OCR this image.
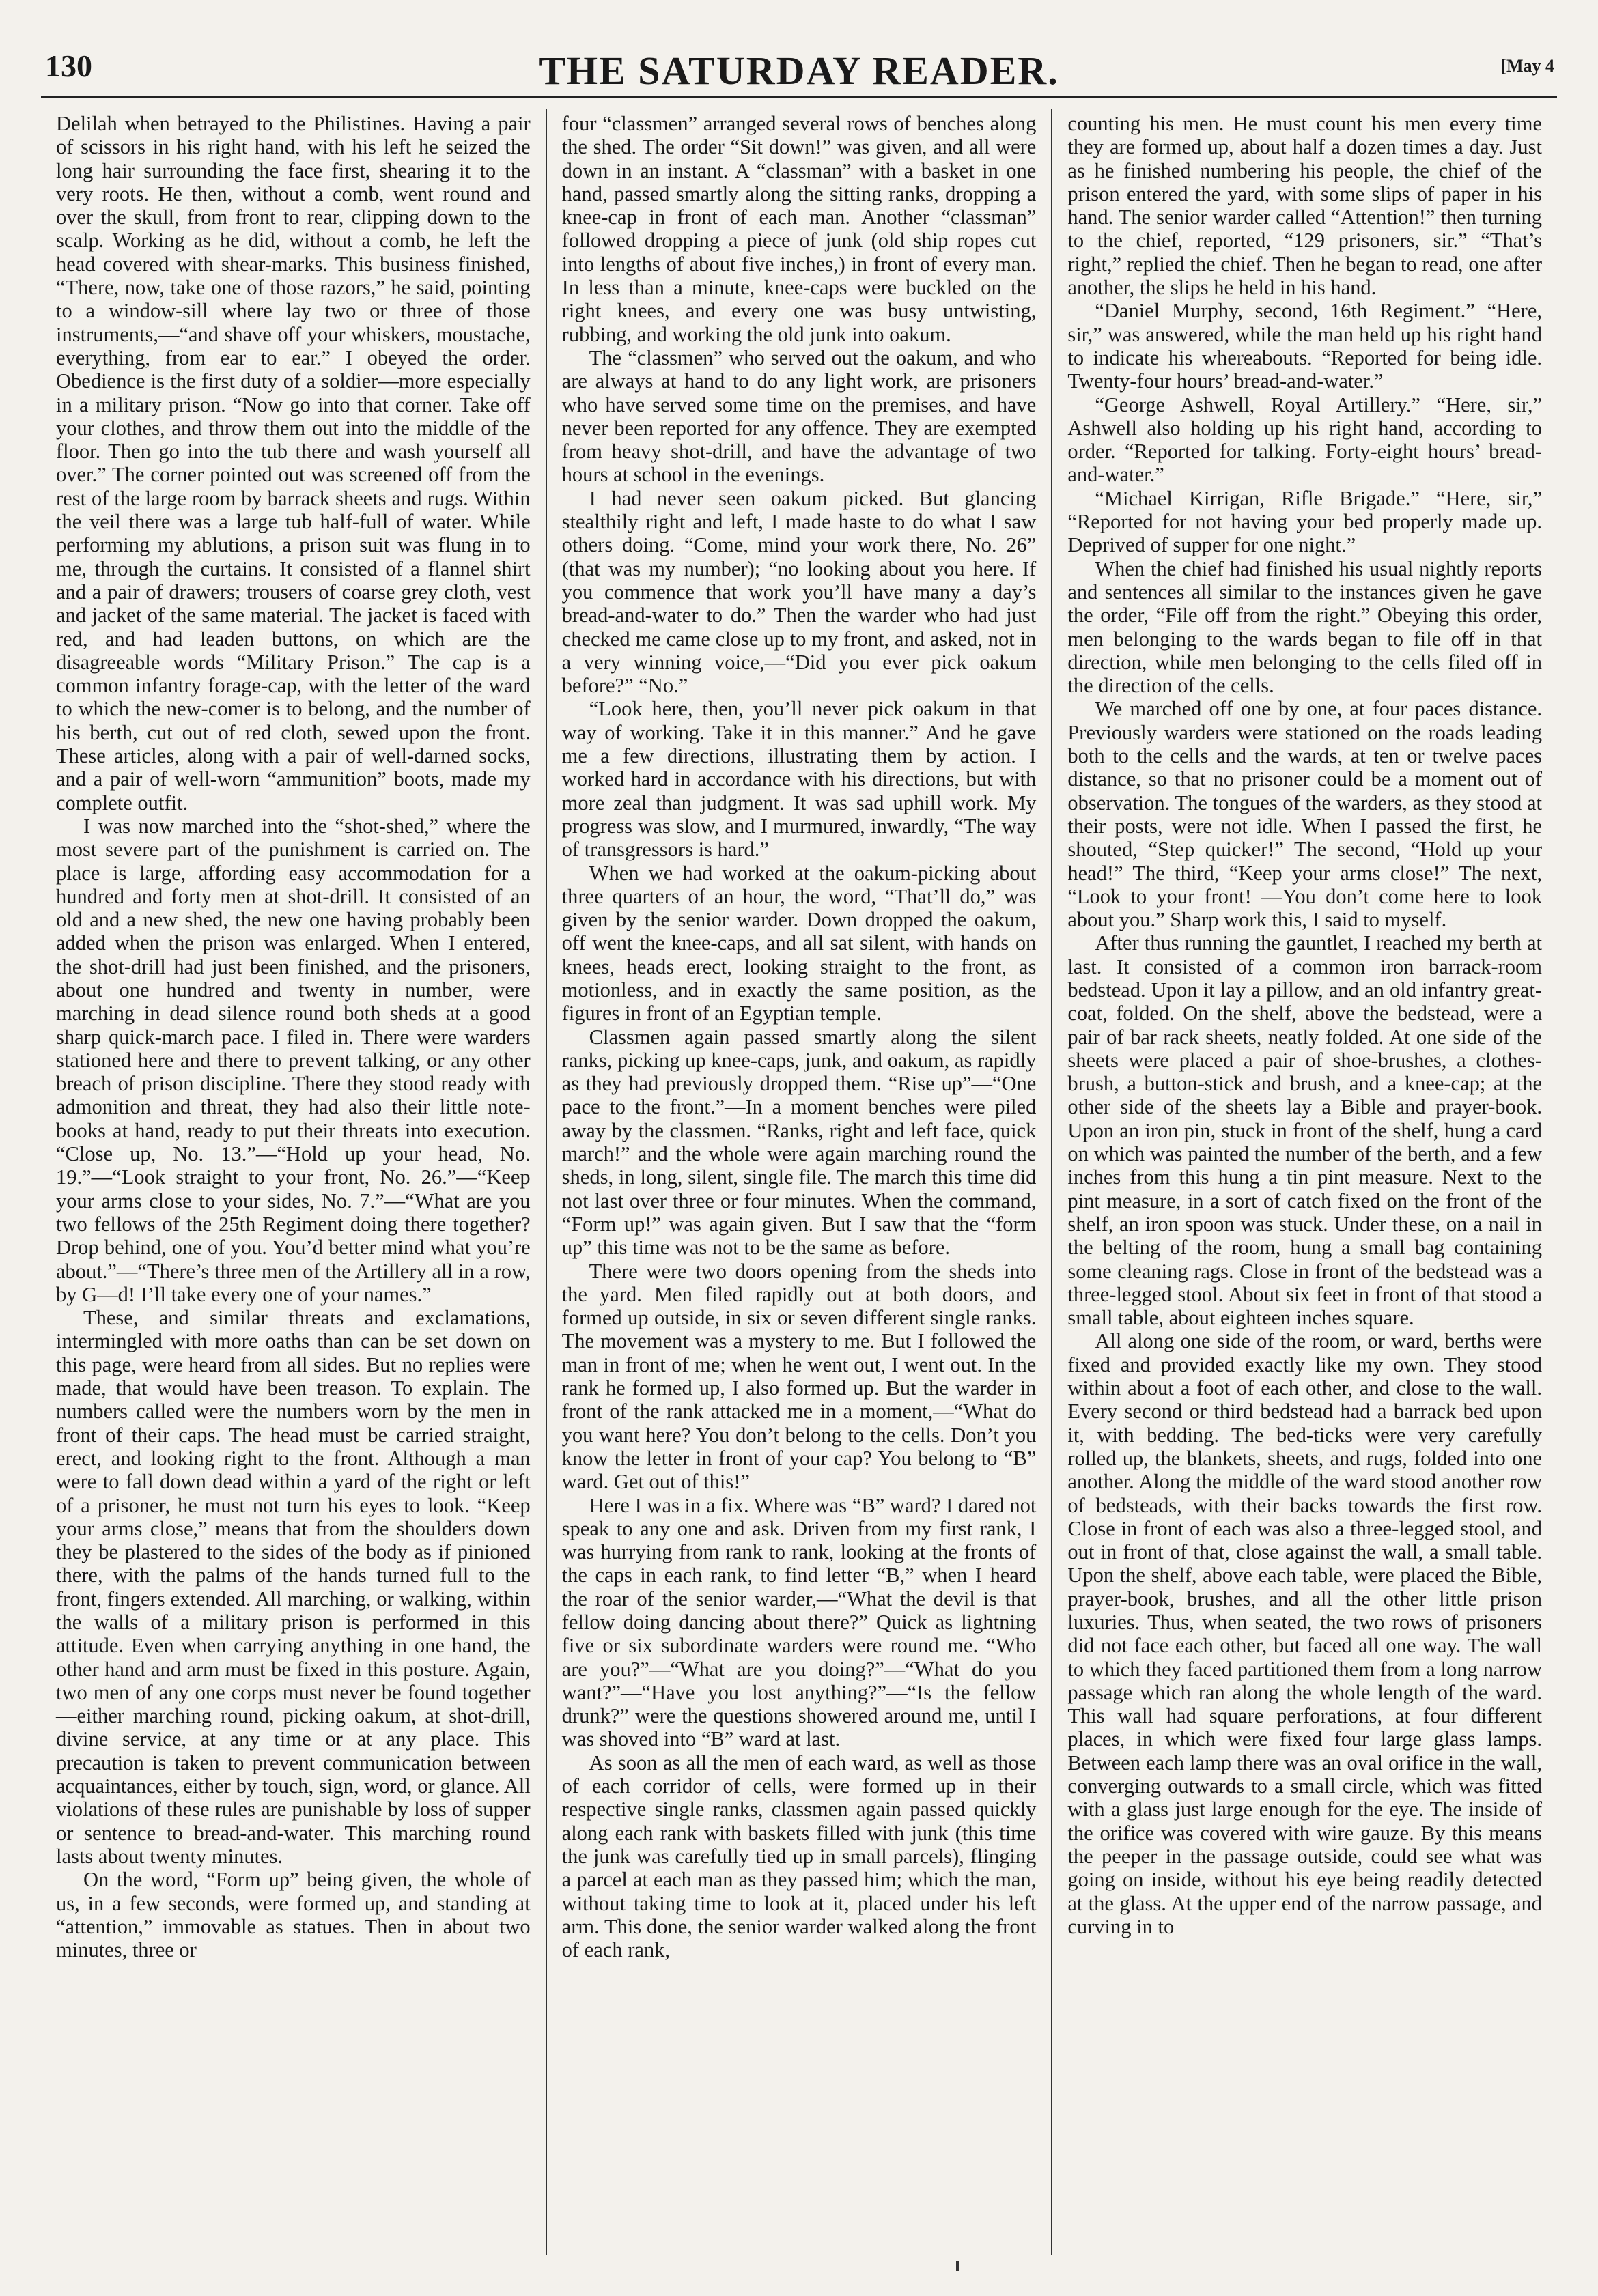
130	THE SATURDAY READER.	[May 4

Delilah when betrayed to the Philistines. Having a pair of scissors in his right hand, with his left he seized the long hair surrounding the face first, shearing it to the very roots. He then, without a comb, went round and over the skull, from front to rear, clipping down to the scalp. Working as he did, without a comb, he left the head covered with shear-marks. This business finished, “There, now, take one of those razors,” he said, pointing to a window-sill where lay two or three of those instruments,—“and shave off your whiskers, moustache, everything, from ear to ear.” I obeyed the order. Obedience is the first duty of a soldier—more especially in a military prison. “Now go into that corner. Take off your clothes, and throw them out into the middle of the floor. Then go into the tub there and wash yourself all over.” The corner pointed out was screened off from the rest of the large room by barrack sheets and rugs. Within the veil there was a large tub half-full of water. While performing my ablutions, a prison suit was flung in to me, through the curtains. It consisted of a flannel shirt and a pair of drawers; trousers of coarse grey cloth, vest and jacket of the same material. The jacket is faced with red, and had leaden buttons, on which are the disagreeable words “Military Prison.” The cap is a common infantry forage-cap, with the letter of the ward to which the new-comer is to belong, and the number of his berth, cut out of red cloth, sewed upon the front. These articles, along with a pair of well-darned socks, and a pair of well-worn “ammunition” boots, made my complete outfit.

I was now marched into the “shot-shed,” where the most severe part of the punishment is carried on. The place is large, affording easy accommodation for a hundred and forty men at shot-drill. It consisted of an old and a new shed, the new one having probably been added when the prison was enlarged. When I entered, the shot-drill had just been finished, and the prisoners, about one hundred and twenty in number, were marching in dead silence round both sheds at a good sharp quick-march pace. I filed in. There were warders stationed here and there to prevent talking, or any other breach of prison discipline. There they stood ready with admonition and threat, they had also their little note-books at hand, ready to put their threats into execution. “Close up, No. 13.”—“Hold up your head, No. 19.”—“Look straight to your front, No. 26.”—“Keep your arms close to your sides, No. 7.”—“What are you two fellows of the 25th Regiment doing there together? Drop behind, one of you. You’d better mind what you’re about.”—“There’s three men of the Artillery all in a row, by G—d! I’ll take every one of your names.”

These, and similar threats and exclamations, intermingled with more oaths than can be set down on this page, were heard from all sides. But no replies were made, that would have been treason. To explain. The numbers called were the numbers worn by the men in front of their caps. The head must be carried straight, erect, and looking right to the front. Although a man were to fall down dead within a yard of the right or left of a prisoner, he must not turn his eyes to look. “Keep your arms close,” means that from the shoulders down they be plastered to the sides of the body as if pinioned there, with the palms of the hands turned full to the front, fingers extended. All marching, or walking, within the walls of a military prison is performed in this attitude. Even when carrying anything in one hand, the other hand and arm must be fixed in this posture. Again, two men of any one corps must never be found together—either marching round, picking oakum, at shot-drill, divine service, at any time or at any place. This precaution is taken to prevent communication between acquaintances, either by touch, sign, word, or glance. All violations of these rules are punishable by loss of supper or sentence to bread-and-water. This marching round lasts about twenty minutes.

On the word, “Form up” being given, the whole of us, in a few seconds, were formed up, and standing at “attention,” immovable as statues. Then in about two minutes, three or

four “classmen” arranged several rows of benches along the shed. The order “Sit down!” was given, and all were down in an instant. A “classman” with a basket in one hand, passed smartly along the sitting ranks, dropping a knee-cap in front of each man. Another “classman” followed dropping a piece of junk (old ship ropes cut into lengths of about five inches,) in front of every man. In less than a minute, knee-caps were buckled on the right knees, and every one was busy untwisting, rubbing, and working the old junk into oakum.

The “classmen” who served out the oakum, and who are always at hand to do any light work, are prisoners who have served some time on the premises, and have never been reported for any offence. They are exempted from heavy shot-drill, and have the advantage of two hours at school in the evenings.

I had never seen oakum picked. But glancing stealthily right and left, I made haste to do what I saw others doing. “Come, mind your work there, No. 26” (that was my number); “no looking about you here. If you commence that work you’ll have many a day’s bread-and-water to do.” Then the warder who had just checked me came close up to my front, and asked, not in a very winning voice,—“Did you ever pick oakum before?” “No.”

“Look here, then, you’ll never pick oakum in that way of working. Take it in this manner.” And he gave me a few directions, illustrating them by action. I worked hard in accordance with his directions, but with more zeal than judgment. It was sad uphill work. My progress was slow, and I murmured, inwardly, “The way of transgressors is hard.”

When we had worked at the oakum-picking about three quarters of an hour, the word, “That’ll do,” was given by the senior warder. Down dropped the oakum, off went the knee-caps, and all sat silent, with hands on knees, heads erect, looking straight to the front, as motionless, and in exactly the same position, as the figures in front of an Egyptian temple.

Classmen again passed smartly along the silent ranks, picking up knee-caps, junk, and oakum, as rapidly as they had previously dropped them. “Rise up”—“One pace to the front.”—In a moment benches were piled away by the classmen. “Ranks, right and left face, quick march!” and the whole were again marching round the sheds, in long, silent, single file. The march this time did not last over three or four minutes. When the command, “Form up!” was again given. But I saw that the “form up” this time was not to be the same as before.

There were two doors opening from the sheds into the yard. Men filed rapidly out at both doors, and formed up outside, in six or seven different single ranks. The movement was a mystery to me. But I followed the man in front of me; when he went out, I went out. In the rank he formed up, I also formed up. But the warder in front of the rank attacked me in a moment,—“What do you want here? You don’t belong to the cells. Don’t you know the letter in front of your cap? You belong to “B” ward. Get out of this!”

Here I was in a fix. Where was “B” ward? I dared not speak to any one and ask. Driven from my first rank, I was hurrying from rank to rank, looking at the fronts of the caps in each rank, to find letter “B,” when I heard the roar of the senior warder,—“What the devil is that fellow doing dancing about there?” Quick as lightning five or six subordinate warders were round me. “Who are you?”—“What are you doing?”—“What do you want?”—“Have you lost anything?”—“Is the fellow drunk?” were the questions showered around me, until I was shoved into “B” ward at last.

As soon as all the men of each ward, as well as those of each corridor of cells, were formed up in their respective single ranks, classmen again passed quickly along each rank with baskets filled with junk (this time the junk was carefully tied up in small parcels), flinging a parcel at each man as they passed him; which the man, without taking time to look at it, placed under his left arm. This done, the senior warder walked along the front of each rank,

counting his men. He must count his men every time they are formed up, about half a dozen times a day. Just as he finished numbering his people, the chief of the prison entered the yard, with some slips of paper in his hand. The senior warder called “Attention!” then turning to the chief, reported, “129 prisoners, sir.” “That’s right,” replied the chief. Then he began to read, one after another, the slips he held in his hand.

“Daniel Murphy, second, 16th Regiment.” “Here, sir,” was answered, while the man held up his right hand to indicate his whereabouts. “Reported for being idle. Twenty-four hours’ bread-and-water.”

“George Ashwell, Royal Artillery.” “Here, sir,” Ashwell also holding up his right hand, according to order. “Reported for talking. Forty-eight hours’ bread-and-water.”

“Michael Kirrigan, Rifle Brigade.” “Here, sir,” “Reported for not having your bed properly made up. Deprived of supper for one night.”

When the chief had finished his usual nightly reports and sentences all similar to the instances given he gave the order, “File off from the right.” Obeying this order, men belonging to the wards began to file off in that direction, while men belonging to the cells filed off in the direction of the cells.

We marched off one by one, at four paces distance. Previously warders were stationed on the roads leading both to the cells and the wards, at ten or twelve paces distance, so that no prisoner could be a moment out of observation. The tongues of the warders, as they stood at their posts, were not idle. When I passed the first, he shouted, “Step quicker!” The second, “Hold up your head!” The third, “Keep your arms close!” The next, “Look to your front! —You don’t come here to look about you.” Sharp work this, I said to myself.

After thus running the gauntlet, I reached my berth at last. It consisted of a common iron barrack-room bedstead. Upon it lay a pillow, and an old infantry great-coat, folded. On the shelf, above the bedstead, were a pair of bar rack sheets, neatly folded. At one side of the sheets were placed a pair of shoe-brushes, a clothes-brush, a button-stick and brush, and a knee-cap; at the other side of the sheets lay a Bible and prayer-book. Upon an iron pin, stuck in front of the shelf, hung a card on which was painted the number of the berth, and a few inches from this hung a tin pint measure. Next to the pint measure, in a sort of catch fixed on the front of the shelf, an iron spoon was stuck. Under these, on a nail in the belting of the room, hung a small bag containing some cleaning rags. Close in front of the bedstead was a three-legged stool. About six feet in front of that stood a small table, about eighteen inches square.

All along one side of the room, or ward, berths were fixed and provided exactly like my own. They stood within about a foot of each other, and close to the wall. Every second or third bedstead had a barrack bed upon it, with bedding. The bed-ticks were very carefully rolled up, the blankets, sheets, and rugs, folded into one another. Along the middle of the ward stood another row of bedsteads, with their backs towards the first row. Close in front of each was also a three-legged stool, and out in front of that, close against the wall, a small table. Upon the shelf, above each table, were placed the Bible, prayer-book, brushes, and all the other little prison luxuries. Thus, when seated, the two rows of prisoners did not face each other, but faced all one way. The wall to which they faced partitioned them from a long narrow passage which ran along the whole length of the ward. This wall had square perforations, at four different places, in which were fixed four large glass lamps. Between each lamp there was an oval orifice in the wall, converging outwards to a small circle, which was fitted with a glass just large enough for the eye. The inside of the orifice was covered with wire gauze. By this means the peeper in the passage outside, could see what was going on inside, without his eye being readily detected at the glass. At the upper end of the narrow passage, and curving in to
